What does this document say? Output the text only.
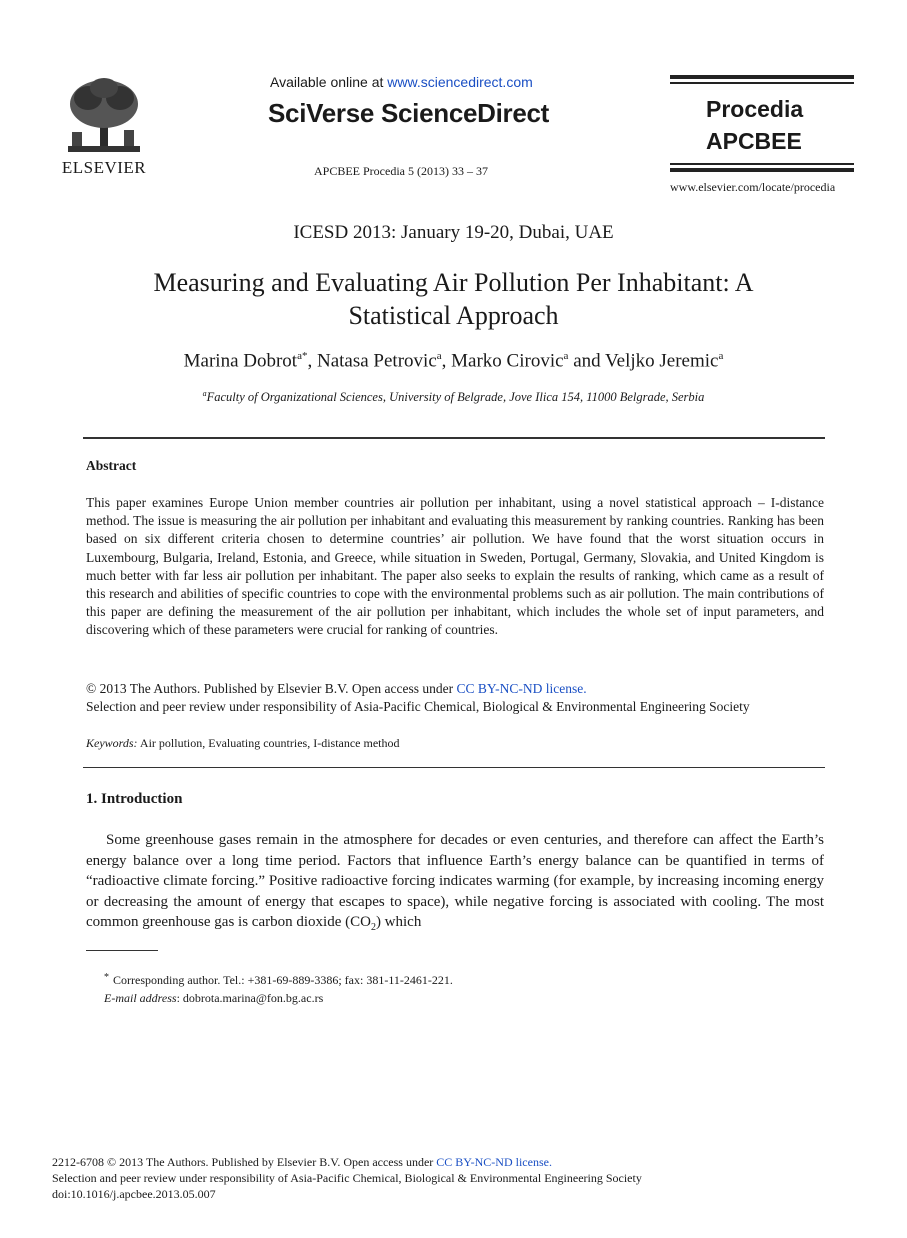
ELSEVIER
Available online at www.sciencedirect.com
SciVerse ScienceDirect
APCBEE Procedia 5 (2013) 33 – 37
Procedia
APCBEE
www.elsevier.com/locate/procedia
ICESD 2013: January 19-20, Dubai, UAE
Measuring and Evaluating Air Pollution Per Inhabitant: A
Statistical Approach
Marina Dobrot$^{a*}$, Natasa Petrovic$^a$, Marko Cirovic$^a$ and Veljko Jeremic$^a$
$^a$Faculty of Organizational Sciences, University of Belgrade, Jove Ilica 154, 11000 Belgrade, Serbia
Abstract
This paper examines Europe Union member countries air pollution per inhabitant, using a novel statistical approach – I-distance method. The issue is measuring the air pollution per inhabitant and evaluating this measurement by ranking countries. Ranking has been based on six different criteria chosen to determine countries’ air pollution. We have found that the worst situation occurs in Luxembourg, Bulgaria, Ireland, Estonia, and Greece, while situation in Sweden, Portugal, Germany, Slovakia, and United Kingdom is much better with far less air pollution per inhabitant. The paper also seeks to explain the results of ranking, which came as a result of this research and abilities of specific countries to cope with the environmental problems such as air pollution. The main contributions of this paper are defining the measurement of the air pollution per inhabitant, which includes the whole set of input parameters, and discovering which of these parameters were crucial for ranking of countries.
© 2013 The Authors. Published by Elsevier B.V. Open access under CC BY-NC-ND license.
Selection and peer review under responsibility of Asia-Pacific Chemical, Biological & Environmental Engineering Society
Keywords: Air pollution, Evaluating countries, I-distance method
1. Introduction
Some greenhouse gases remain in the atmosphere for decades or even centuries, and therefore can affect the Earth’s energy balance over a long time period. Factors that influence Earth’s energy balance can be quantified in terms of “radioactive climate forcing.” Positive radioactive forcing indicates warming (for example, by increasing incoming energy or decreasing the amount of energy that escapes to space), while negative forcing is associated with cooling. The most common greenhouse gas is carbon dioxide $(CO_2)$ which
* Corresponding author. Tel.: +381-69-889-3386; fax: 381-11-2461-221.
E-mail address: dobrota.marina@fon.bg.ac.rs
2212-6708 © 2013 The Authors. Published by Elsevier B.V. Open access under CC BY-NC-ND license.
Selection and peer review under responsibility of Asia-Pacific Chemical, Biological & Environmental Engineering Society
doi:10.1016/j.apcbee.2013.05.007
